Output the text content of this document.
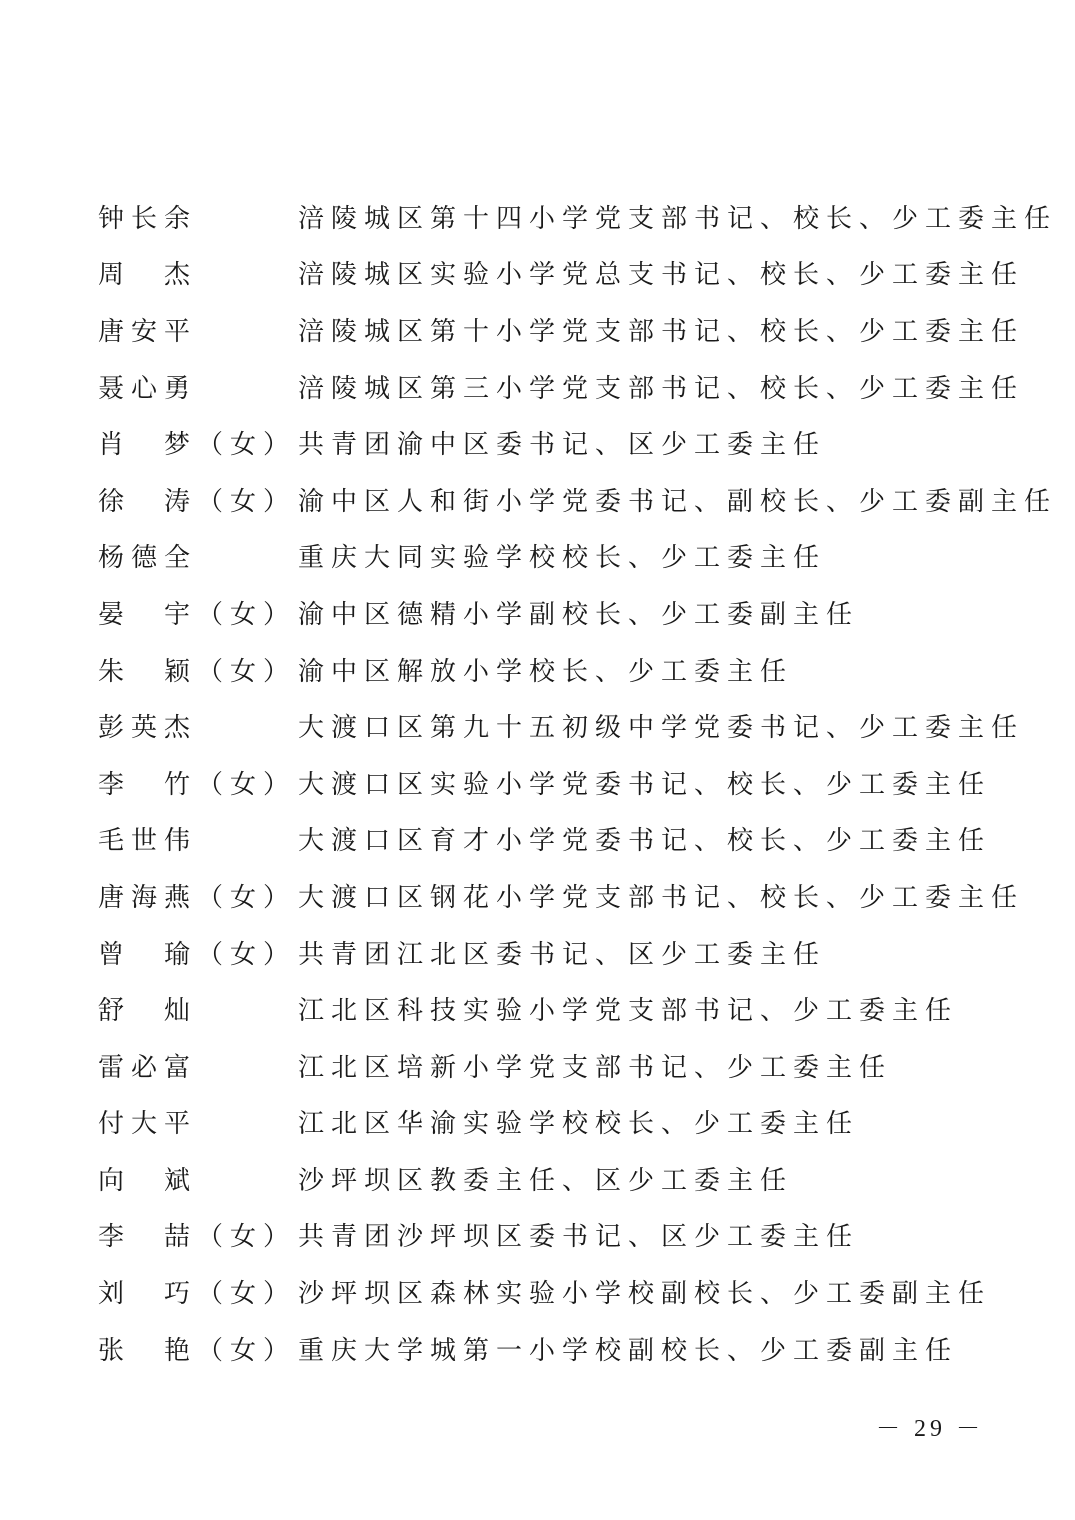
钟长余	涪陵城区第十四小学党支部书记、校长、少工委主任
周　杰	涪陵城区实验小学党总支书记、校长、少工委主任
唐安平	涪陵城区第十小学党支部书记、校长、少工委主任
聂心勇	涪陵城区第三小学党支部书记、校长、少工委主任
肖　梦（女） 共青团渝中区委书记、区少工委主任
徐　涛（女） 渝中区人和街小学党委书记、副校长、少工委副主任
杨德全	重庆大同实验学校校长、少工委主任
晏　宇（女） 渝中区德精小学副校长、少工委副主任
朱　颖（女） 渝中区解放小学校长、少工委主任
彭英杰	大渡口区第九十五初级中学党委书记、少工委主任
李　竹（女） 大渡口区实验小学党委书记、校长、少工委主任
毛世伟	大渡口区育才小学党委书记、校长、少工委主任
唐海燕（女） 大渡口区钢花小学党支部书记、校长、少工委主任
曾　瑜（女） 共青团江北区委书记、区少工委主任
舒　灿	江北区科技实验小学党支部书记、少工委主任
雷必富	江北区培新小学党支部书记、少工委主任
付大平	江北区华渝实验学校校长、少工委主任
向　斌	沙坪坝区教委主任、区少工委主任
李　喆（女） 共青团沙坪坝区委书记、区少工委主任
刘　巧（女） 沙坪坝区森林实验小学校副校长、少工委副主任
张　艳（女） 重庆大学城第一小学校副校长、少工委副主任
－ 29 －
